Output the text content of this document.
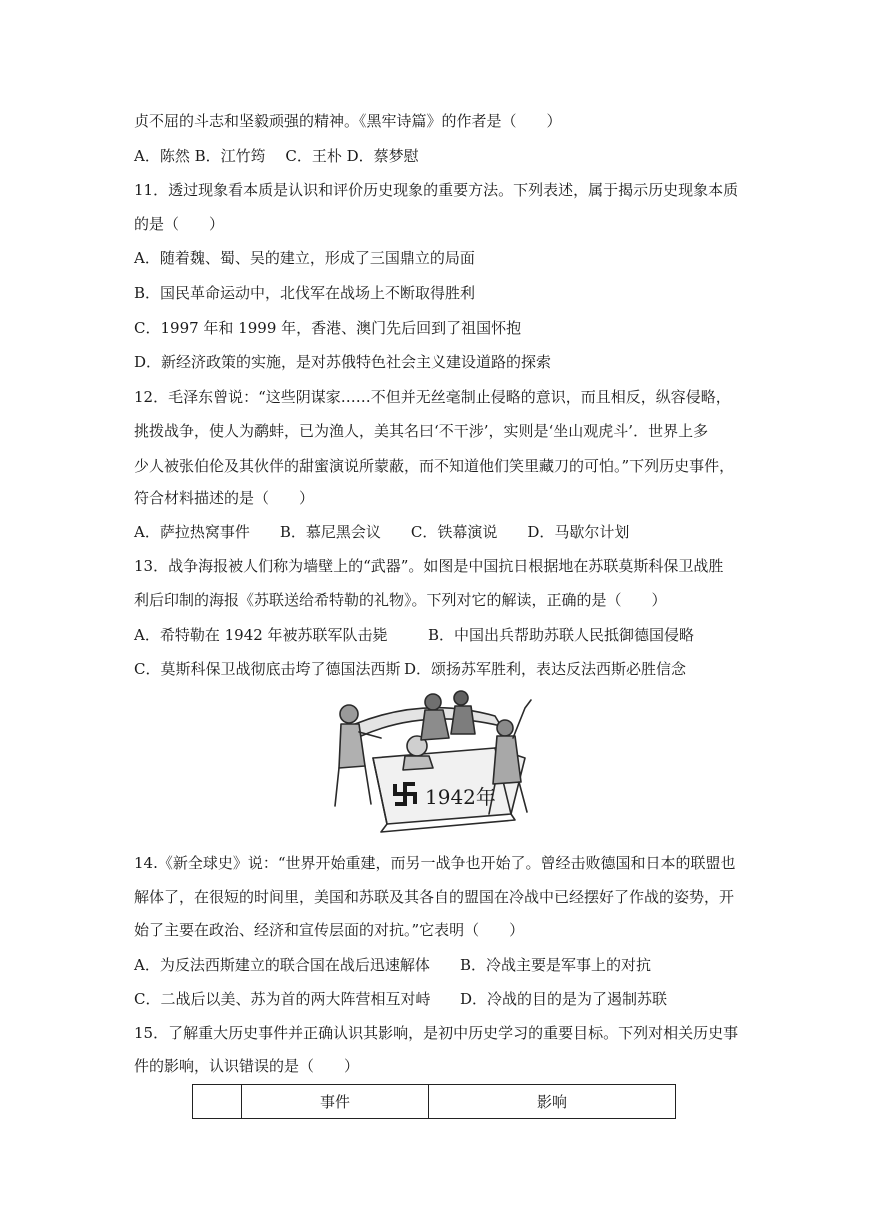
贞不屈的斗志和坚毅顽强的精神。《黑牢诗篇》的作者是（　　）
A．陈然 B．江竹筠　 C．王朴 D．蔡梦慰
11．透过现象看本质是认识和评价历史现象的重要方法。下列表述，属于揭示历史现象本质
的是（　　）
A．随着魏、蜀、吴的建立，形成了三国鼎立的局面
B．国民革命运动中，北伐军在战场上不断取得胜利
C．1997 年和 1999 年，香港、澳门先后回到了祖国怀抱
D．新经济政策的实施，是对苏俄特色社会主义建设道路的探索
12．毛泽东曾说：“这些阴谋家……不但并无丝毫制止侵略的意识，而且相反，纵容侵略，
挑拨战争，使人为鹬蚌，已为渔人，美其名曰‘不干涉’，实则是‘坐山观虎斗’．世界上多
少人被张伯伦及其伙伴的甜蜜演说所蒙蔽，而不知道他们笑里藏刀的可怕。”下列历史事件，
符合材料描述的是（　　）
A．萨拉热窝事件　　B．慕尼黑会议　　C．铁幕演说　　D．马歇尔计划
13．战争海报被人们称为墙壁上的“武器”。如图是中国抗日根据地在苏联莫斯科保卫战胜
利后印制的海报《苏联送给希特勒的礼物》。下列对它的解读，正确的是（　　）
A．希特勒在 1942 年被苏联军队击毙	B．中国出兵帮助苏联人民抵御德国侵略
C．莫斯科保卫战彻底击垮了德国法西斯 D．颂扬苏军胜利，表达反法西斯必胜信念
1942年
14.《新全球史》说：“世界开始重建，而另一战争也开始了。曾经击败德国和日本的联盟也
解体了，在很短的时间里，美国和苏联及其各自的盟国在冷战中已经摆好了作战的姿势，开
始了主要在政治、经济和宣传层面的对抗。”它表明（　　）
A．为反法西斯建立的联合国在战后迅速解体 B．冷战主要是军事上的对抗
C．二战后以美、苏为首的两大阵营相互对峙 D．冷战的目的是为了遏制苏联
15．了解重大历史事件并正确认识其影响，是初中历史学习的重要目标。下列对相关历史事
件的影响，认识错误的是（　　）
	事件	影响
